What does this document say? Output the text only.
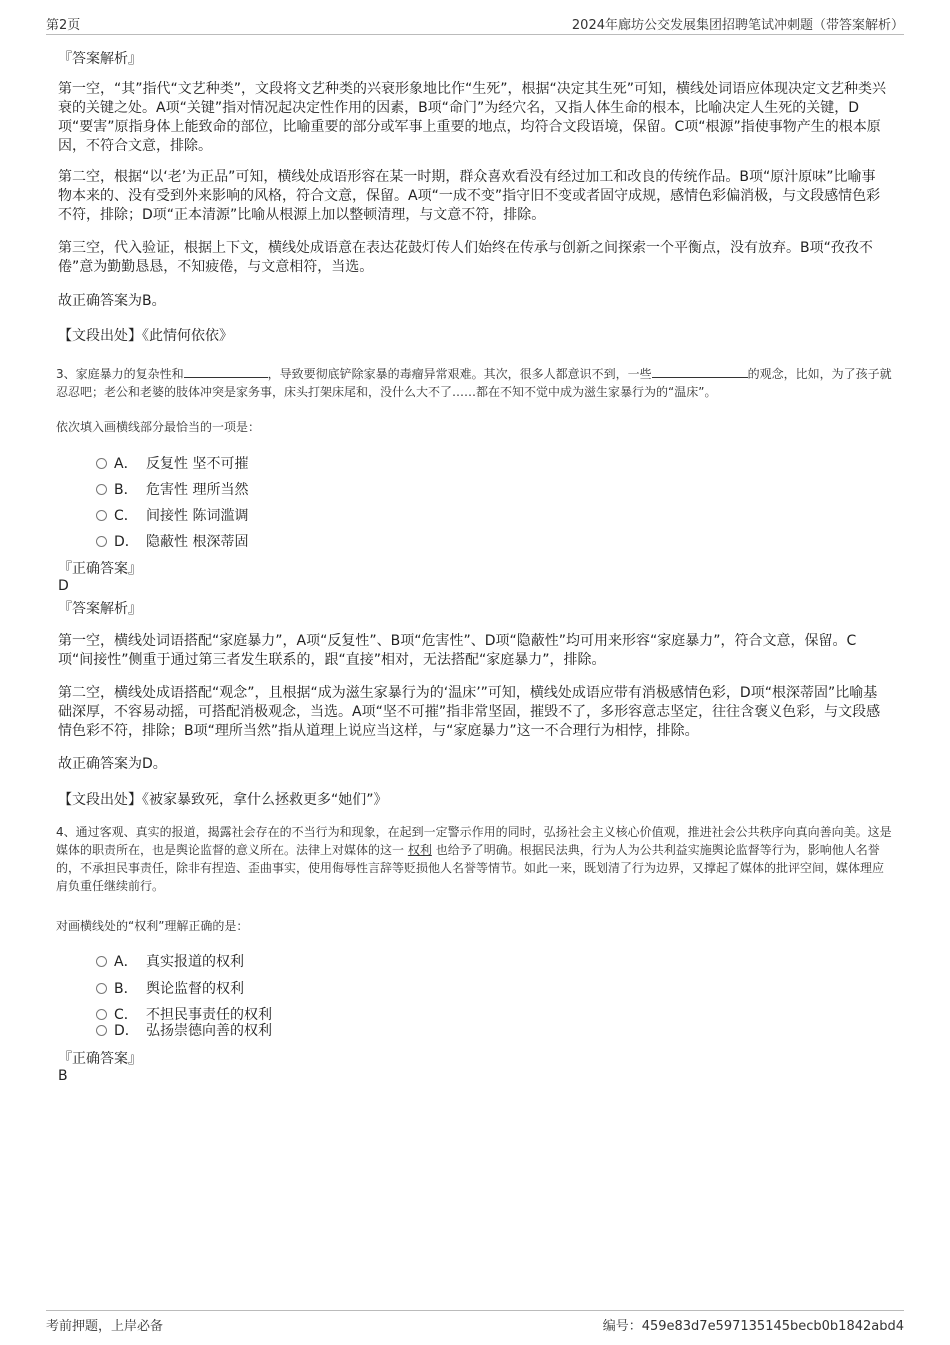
第2页	2024年廊坊公交发展集团招聘笔试冲刺题（带答案解析）
『答案解析』

第一空，“其”指代“文艺种类”，文段将文艺种类的兴衰形象地比作“生死”，根据“决定其生死”可知，横线处词语应体现决定文艺种类兴衰的关键之处。A项“关键”指对情况起决定性作用的因素，B项“命门”为经穴名，又指人体生命的根本，比喻决定人生死的关键，D项“要害”原指身体上能致命的部位，比喻重要的部分或军事上重要的地点，均符合文段语境，保留。C项“根源”指使事物产生的根本原因，不符合文意，排除。

第二空，根据“以‘老’为正品”可知，横线处成语形容在某一时期，群众喜欢看没有经过加工和改良的传统作品。B项“原汁原味”比喻事物本来的、没有受到外来影响的风格，符合文意，保留。A项“一成不变”指守旧不变或者固守成规，感情色彩偏消极，与文段感情色彩不符，排除；D项“正本清源”比喻从根源上加以整顿清理，与文意不符，排除。

第三空，代入验证，根据上下文，横线处成语意在表达花鼓灯传人们始终在传承与创新之间探索一个平衡点，没有放弃。B项“孜孜不倦”意为勤勤恳恳，不知疲倦，与文意相符，当选。

故正确答案为B。
【文段出处】《此情何依依》

3、家庭暴力的复杂性和	，导致要彻底铲除家暴的毒瘤异常艰难。其次，很多人都意识不到，一些	的观念，比如，为了孩子就忍忍吧；老公和老婆的肢体冲突是家务事，床头打架床尾和，没什么大不了……都在不知不觉中成为滋生家暴行为的“温床”。

依次填入画横线部分最恰当的一项是：
A． 反复性 坚不可摧
B． 危害性 理所当然
C． 间接性 陈词滥调
D． 隐蔽性 根深蒂固
『正确答案』
D
『答案解析』

第一空，横线处词语搭配“家庭暴力”，A项“反复性”、B项“危害性”、D项“隐蔽性”均可用来形容“家庭暴力”，符合文意，保留。C项“间接性”侧重于通过第三者发生联系的，跟“直接”相对，无法搭配“家庭暴力”，排除。

第二空，横线处成语搭配“观念”，且根据“成为滋生家暴行为的‘温床’”可知，横线处成语应带有消极感情色彩，D项“根深蒂固”比喻基础深厚，不容易动摇，可搭配消极观念，当选。A项“坚不可摧”指非常坚固，摧毁不了，多形容意志坚定，往往含褒义色彩，与文段感情色彩不符，排除；B项“理所当然”指从道理上说应当这样，与“家庭暴力”这一不合理行为相悖，排除。

故正确答案为D。
【文段出处】《被家暴致死，拿什么拯救更多“她们”》

4、通过客观、真实的报道，揭露社会存在的不当行为和现象，在起到一定警示作用的同时，弘扬社会主义核心价值观，推进社会公共秩序向真向善向美。这是媒体的职责所在，也是舆论监督的意义所在。法律上对媒体的这一 权利 也给予了明确。根据民法典，行为人为公共利益实施舆论监督等行为，影响他人名誉的，不承担民事责任，除非有捏造、歪曲事实，使用侮辱性言辞等贬损他人名誉等情节。如此一来，既划清了行为边界，又撑起了媒体的批评空间，媒体理应肩负重任继续前行。

对画横线处的“权利”理解正确的是：
A． 真实报道的权利
B． 舆论监督的权利
C． 不担民事责任的权利
D． 弘扬崇德向善的权利
『正确答案』
B
考前押题，上岸必备	编号：459e83d7e597135145becb0b1842abd4
